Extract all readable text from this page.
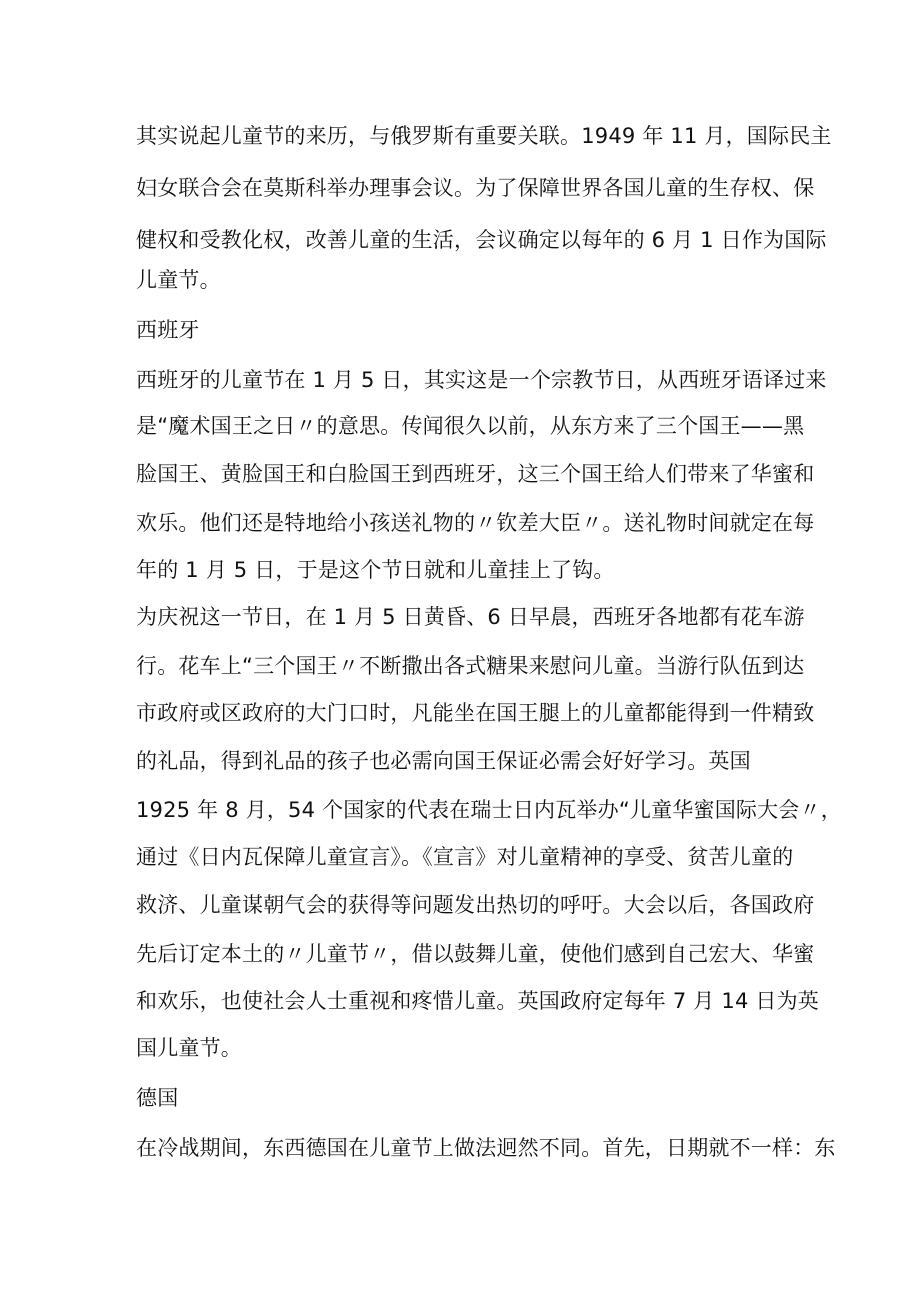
其实说起儿童节的来历，与俄罗斯有重要关联。1949 年 11 月，国际民主
妇女联合会在莫斯科举办理事会议。为了保障世界各国儿童的生存权、保
健权和受教化权，改善儿童的生活，会议确定以每年的 6 月 1 日作为国际
儿童节。
西班牙
西班牙的儿童节在 1 月 5 日，其实这是一个宗教节日，从西班牙语译过来
是“魔术国王之日〃的意思。传闻很久以前，从东方来了三个国王——黑
脸国王、黄脸国王和白脸国王到西班牙，这三个国王给人们带来了华蜜和
欢乐。他们还是特地给小孩送礼物的〃钦差大臣〃。送礼物时间就定在每
年的 1 月 5 日，于是这个节日就和儿童挂上了钩。
为庆祝这一节日，在 1 月 5 日黄昏、6 日早晨，西班牙各地都有花车游
行。花车上“三个国王〃不断撒出各式糖果来慰问儿童。当游行队伍到达
市政府或区政府的大门口时，凡能坐在国王腿上的儿童都能得到一件精致
的礼品，得到礼品的孩子也必需向国王保证必需会好好学习。英国
1925 年 8 月，54 个国家的代表在瑞士日内瓦举办“儿童华蜜国际大会〃，
通过《日内瓦保障儿童宣言》。《宣言》对儿童精神的享受、贫苦儿童的
救济、儿童谋朝气会的获得等问题发出热切的呼吁。大会以后，各国政府
先后订定本土的〃儿童节〃，借以鼓舞儿童，使他们感到自己宏大、华蜜
和欢乐，也使社会人士重视和疼惜儿童。英国政府定每年 7 月 14 日为英
国儿童节。
德国
在冷战期间，东西德国在儿童节上做法迥然不同。首先，日期就不一样：东
